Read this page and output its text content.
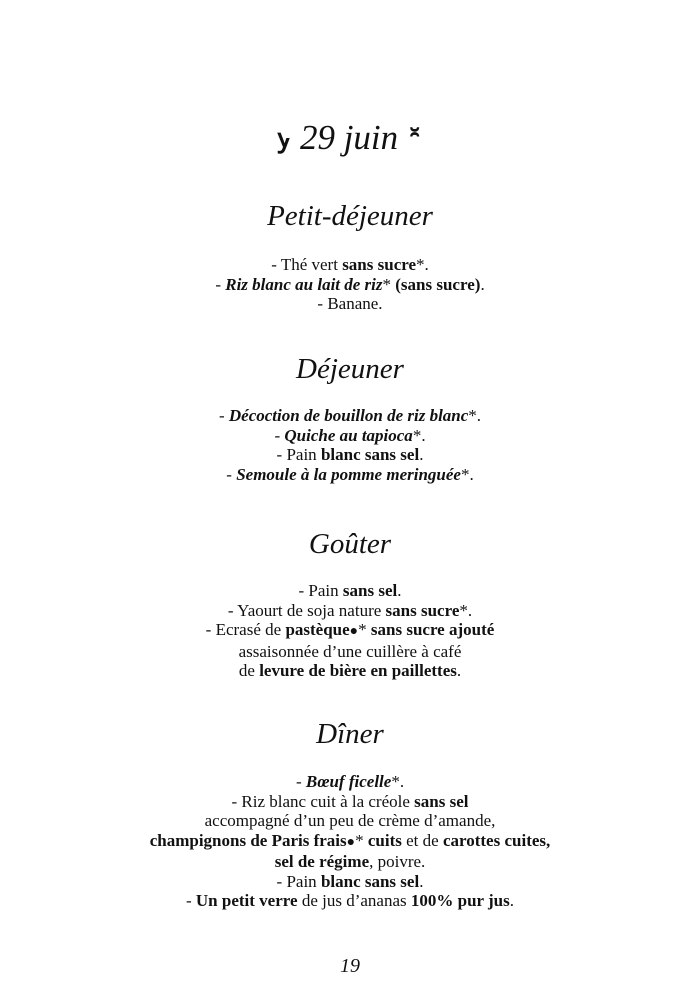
ꭚ 29 juin ꭛
Petit-déjeuner
- Thé vert sans sucre*.
- Riz blanc au lait de riz* (sans sucre).
- Banane.
Déjeuner
- Décoction de bouillon de riz blanc*.
- Quiche au tapioca*.
- Pain blanc sans sel.
- Semoule à la pomme meringuée*.
Goûter
- Pain sans sel.
- Yaourt de soja nature sans sucre*.
- Ecrasé de pastèque●* sans sucre ajouté
assaisonnée d’une cuillère à café
de levure de bière en paillettes.
Dîner
- Bœuf ficelle*.
- Riz blanc cuit à la créole sans sel
accompagné d’un peu de crème d’amande,
champignons de Paris frais●* cuits et de carottes cuites,
sel de régime, poivre.
- Pain blanc sans sel.
- Un petit verre de jus d’ananas 100% pur jus.
19
